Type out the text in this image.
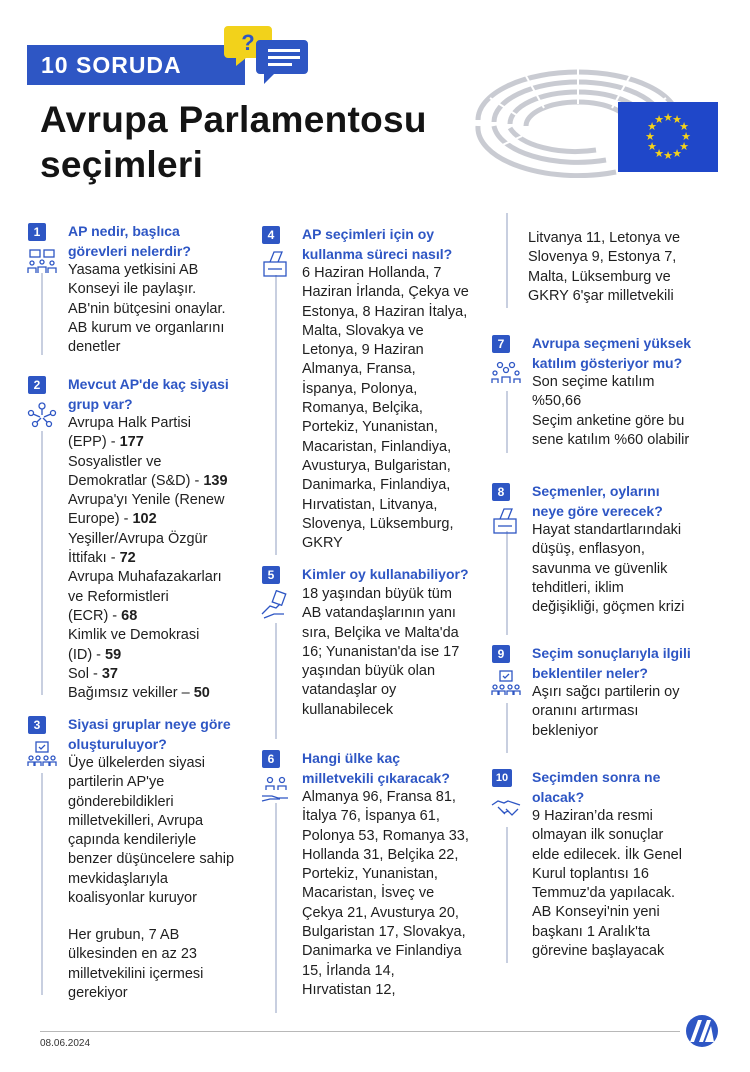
10 SORUDA
?
Avrupa Parlamentosu
seçimleri
★ ★
★
★
★
★
★
★
★
★
★
★
1	AP nedir, başlıca
görevleri nelerdir?
Yasama yetkisini AB
Konseyi ile paylaşır.
AB'nin bütçesini onaylar.
AB kurum ve organlarını
denetler
2	Mevcut AP'de kaç siyasi
grup var?
Avrupa Halk Partisi
(EPP) - 177
Sosyalistler ve
Demokratlar (S&D) - 139
Avrupa'yı Yenile (Renew
Europe) - 102
Yeşiller/Avrupa Özgür
İttifakı - 72
Avrupa Muhafazakarları
ve Reformistleri
(ECR) - 68
Kimlik ve Demokrasi
(ID) - 59
Sol - 37
Bağımsız vekiller – 50
3	Siyasi gruplar neye göre
oluşturuluyor?
Üye ülkelerden siyasi
partilerin AP'ye
gönderebildikleri
milletvekilleri, Avrupa
çapında kendileriyle
benzer düşüncelere sahip
mevkidaşlarıyla
koalisyonlar kuruyor
Her grubun, 7 AB
ülkesinden en az 23
milletvekilini içermesi
gerekiyor
4	AP seçimleri için oy
kullanma süreci nasıl?
6 Haziran Hollanda, 7
Haziran İrlanda, Çekya ve
Estonya, 8 Haziran İtalya,
Malta, Slovakya ve
Letonya, 9 Haziran
Almanya, Fransa,
İspanya, Polonya,
Romanya, Belçika,
Portekiz, Yunanistan,
Macaristan, Finlandiya,
Avusturya, Bulgaristan,
Danimarka, Finlandiya,
Hırvatistan, Litvanya,
Slovenya, Lüksemburg,
GKRY
5	Kimler oy kullanabiliyor?
18 yaşından büyük tüm
AB vatandaşlarının yanı
sıra, Belçika ve Malta'da
16; Yunanistan'da ise 17
yaşından büyük olan
vatandaşlar oy
kullanabilecek
6	Hangi ülke kaç
milletvekili çıkaracak?
Almanya 96, Fransa 81,
İtalya 76, İspanya 61,
Polonya 53, Romanya 33,
Hollanda 31, Belçika 22,
Portekiz, Yunanistan,
Macaristan, İsveç ve
Çekya 21, Avusturya 20,
Bulgaristan 17, Slovakya,
Danimarka ve Finlandiya
15, İrlanda 14,
Hırvatistan 12,
Litvanya 11, Letonya ve
Slovenya 9, Estonya 7,
Malta, Lüksemburg ve
GKRY 6'şar milletvekili
7	Avrupa seçmeni yüksek
katılım gösteriyor mu?
Son seçime katılım
%50,66
Seçim anketine göre bu
sene katılım %60 olabilir
8	Seçmenler, oylarını
neye göre verecek?
Hayat standartlarındaki
düşüş, enflasyon,
savunma ve güvenlik
tehditleri, iklim
değişikliği, göçmen krizi
9	Seçim sonuçlarıyla ilgili
beklentiler neler?
Aşırı sağcı partilerin oy
oranını artırması
bekleniyor
10 Seçimden sonra ne
olacak?
9 Haziran’da resmi
olmayan ilk sonuçlar
elde edilecek. İlk Genel
Kurul toplantısı 16
Temmuz'da yapılacak.
AB Konseyi'nin yeni
başkanı 1 Aralık'ta
görevine başlayacak
08.06.2024
